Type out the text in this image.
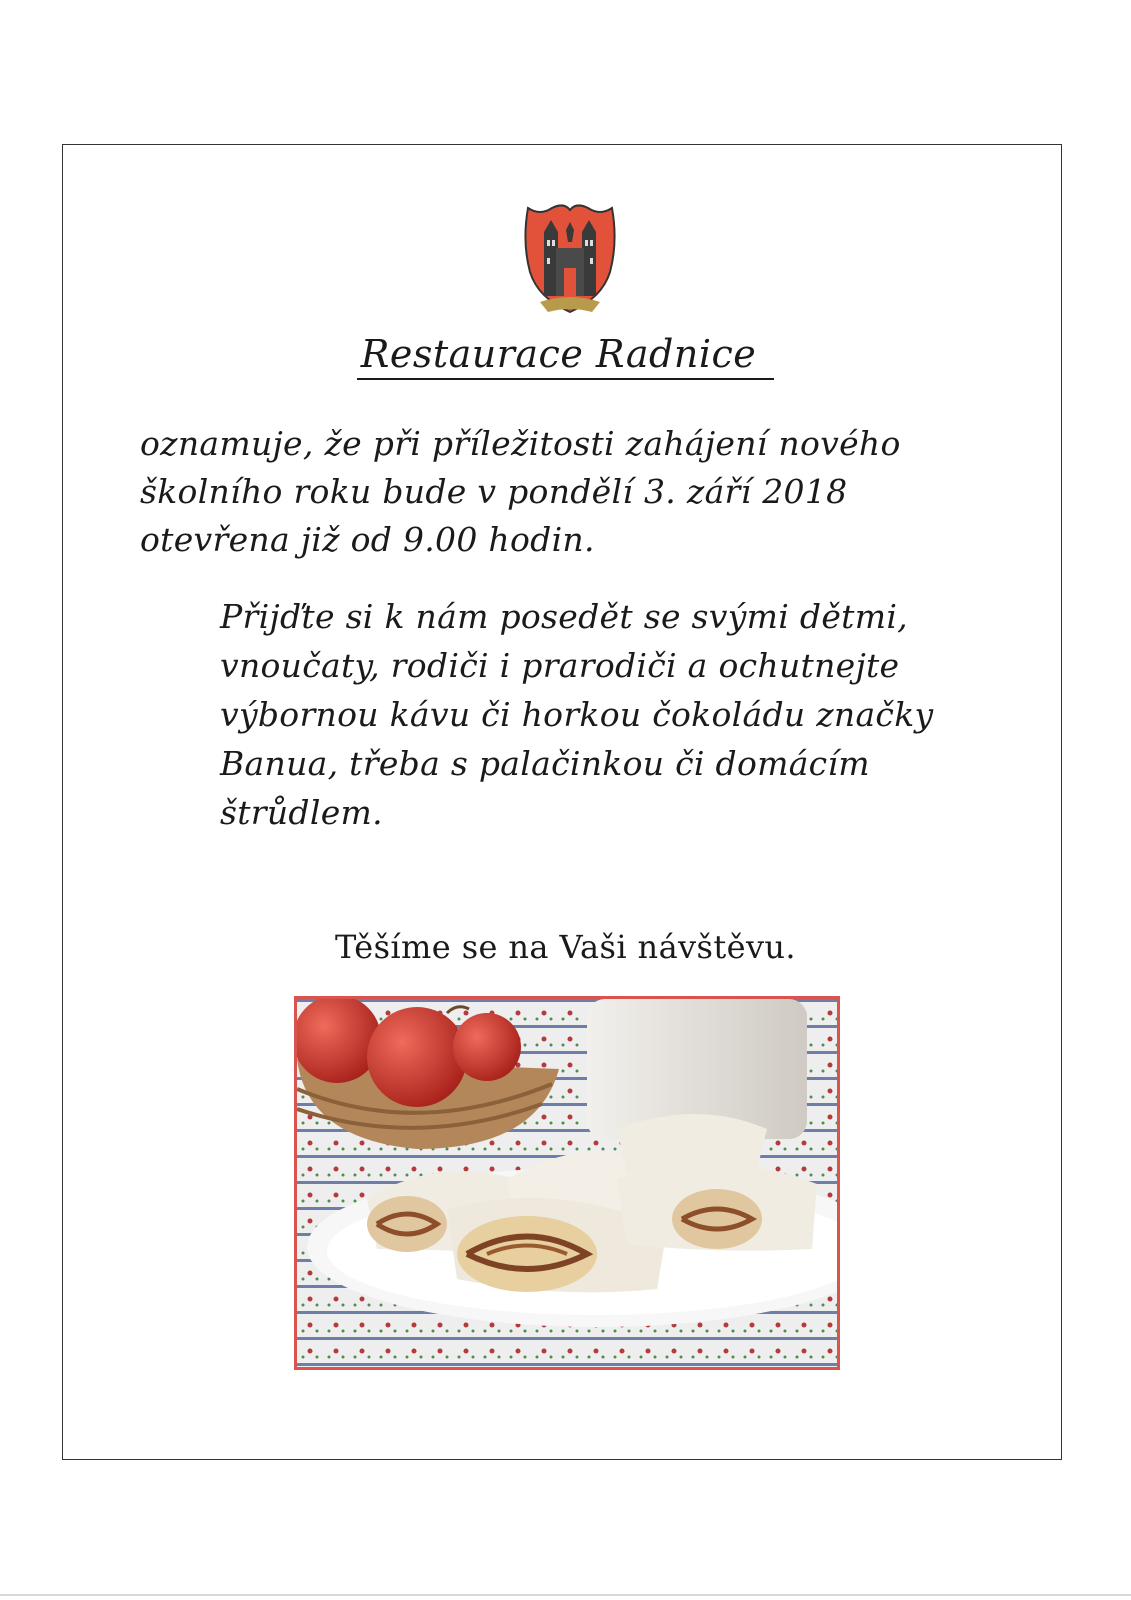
Restaurace Radnice
oznamuje, že při příležitosti zahájení nového
školního roku bude v pondělí 3. září 2018
otevřena již od 9.00 hodin.
Přijďte si k nám posedět se svými dětmi,
vnoučaty, rodiči i prarodiči a ochutnejte
výbornou kávu či horkou čokoládu značky
Banua, třeba s palačinkou či domácím
štrůdlem.
Těšíme se na Vaši návštěvu.
